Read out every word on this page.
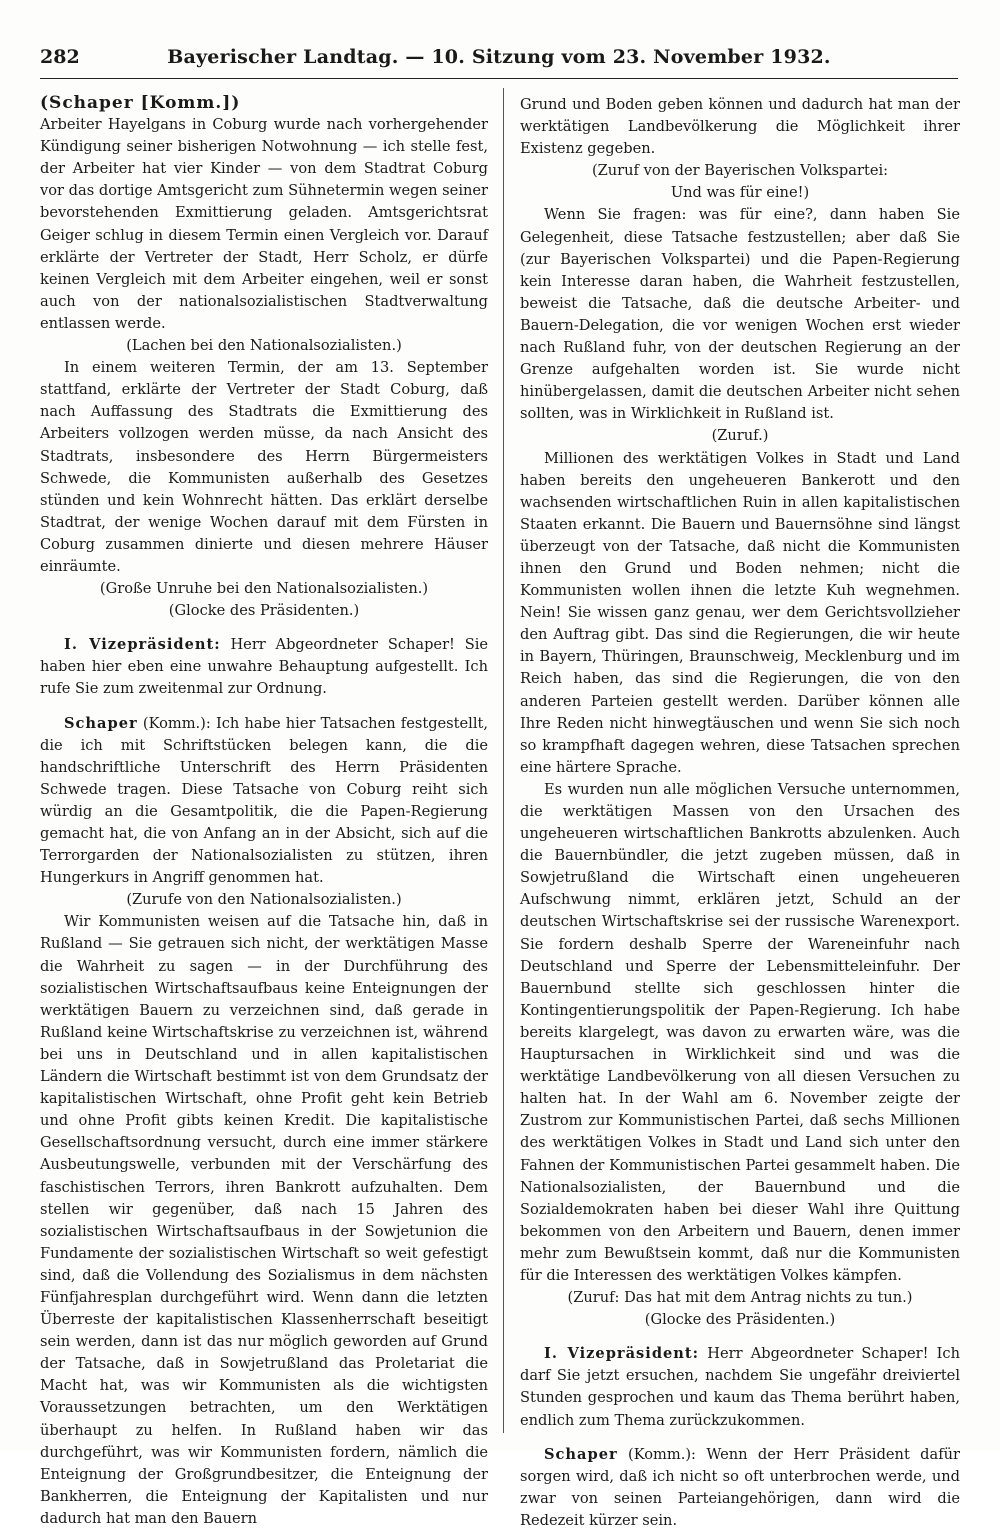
282	Bayerischer Landtag. — 10. Sitzung vom 23. November 1932.

(Schaper [Komm.])

Arbeiter Hayelgans in Coburg wurde nach vorhergehender Kündigung seiner bisherigen Notwohnung — ich stelle fest, der Arbeiter hat vier Kinder — von dem Stadtrat Coburg vor das dortige Amtsgericht zum Sühnetermin wegen seiner bevorstehenden Exmittierung geladen. Amtsgerichtsrat Geiger schlug in diesem Termin einen Vergleich vor. Darauf erklärte der Vertreter der Stadt, Herr Scholz, er dürfe keinen Vergleich mit dem Arbeiter eingehen, weil er sonst auch von der nationalsozialistischen Stadtverwaltung entlassen werde.

(Lachen bei den Nationalsozialisten.)

In einem weiteren Termin, der am 13. September stattfand, erklärte der Vertreter der Stadt Coburg, daß nach Auffassung des Stadtrats die Exmittierung des Arbeiters vollzogen werden müsse, da nach Ansicht des Stadtrats, insbesondere des Herrn Bürgermeisters Schwede, die Kommunisten außerhalb des Gesetzes stünden und kein Wohnrecht hätten. Das erklärt derselbe Stadtrat, der wenige Wochen darauf mit dem Fürsten in Coburg zusammen dinierte und diesen mehrere Häuser einräumte.

(Große Unruhe bei den Nationalsozialisten.)

(Glocke des Präsidenten.)

I. Vizepräsident: Herr Abgeordneter Schaper! Sie haben hier eben eine unwahre Behauptung aufgestellt. Ich rufe Sie zum zweitenmal zur Ordnung.

Schaper (Komm.): Ich habe hier Tatsachen festgestellt, die ich mit Schriftstücken belegen kann, die die handschriftliche Unterschrift des Herrn Präsidenten Schwede tragen. Diese Tatsache von Coburg reiht sich würdig an die Gesamtpolitik, die die Papen-Regierung gemacht hat, die von Anfang an in der Absicht, sich auf die Terrorgarden der Nationalsozialisten zu stützen, ihren Hungerkurs in Angriff genommen hat.

(Zurufe von den Nationalsozialisten.)

Wir Kommunisten weisen auf die Tatsache hin, daß in Rußland — Sie getrauen sich nicht, der werktätigen Masse die Wahrheit zu sagen — in der Durchführung des sozialistischen Wirtschaftsaufbaus keine Enteignungen der werktätigen Bauern zu verzeichnen sind, daß gerade in Rußland keine Wirtschaftskrise zu verzeichnen ist, während bei uns in Deutschland und in allen kapitalistischen Ländern die Wirtschaft bestimmt ist von dem Grundsatz der kapitalistischen Wirtschaft, ohne Profit geht kein Betrieb und ohne Profit gibts keinen Kredit. Die kapitalistische Gesellschaftsordnung versucht, durch eine immer stärkere Ausbeutungswelle, verbunden mit der Verschärfung des faschistischen Terrors, ihren Bankrott aufzuhalten. Dem stellen wir gegenüber, daß nach 15 Jahren des sozialistischen Wirtschaftsaufbaus in der Sowjetunion die Fundamente der sozialistischen Wirtschaft so weit gefestigt sind, daß die Vollendung des Sozialismus in dem nächsten Fünfjahresplan durchgeführt wird. Wenn dann die letzten Überreste der kapitalistischen Klassenherrschaft beseitigt sein werden, dann ist das nur möglich geworden auf Grund der Tatsache, daß in Sowjetrußland das Proletariat die Macht hat, was wir Kommunisten als die wichtigsten Voraussetzungen betrachten, um den Werktätigen überhaupt zu helfen. In Rußland haben wir das durchgeführt, was wir Kommunisten fordern, nämlich die Enteignung der Großgrundbesitzer, die Enteignung der Bankherren, die Enteignung der Kapitalisten und nur dadurch hat man den Bauern

Grund und Boden geben können und dadurch hat man der werktätigen Landbevölkerung die Möglichkeit ihrer Existenz gegeben.

(Zuruf von der Bayerischen Volkspartei:

Und was für eine!)

Wenn Sie fragen: was für eine?, dann haben Sie Gelegenheit, diese Tatsache festzustellen; aber daß Sie (zur Bayerischen Volkspartei) und die Papen-Regierung kein Interesse daran haben, die Wahrheit festzustellen, beweist die Tatsache, daß die deutsche Arbeiter- und Bauern-Delegation, die vor wenigen Wochen erst wieder nach Rußland fuhr, von der deutschen Regierung an der Grenze aufgehalten worden ist. Sie wurde nicht hinübergelassen, damit die deutschen Arbeiter nicht sehen sollten, was in Wirklichkeit in Rußland ist.

(Zuruf.)

Millionen des werktätigen Volkes in Stadt und Land haben bereits den ungeheueren Bankerott und den wachsenden wirtschaftlichen Ruin in allen kapitalistischen Staaten erkannt. Die Bauern und Bauernsöhne sind längst überzeugt von der Tatsache, daß nicht die Kommunisten ihnen den Grund und Boden nehmen; nicht die Kommunisten wollen ihnen die letzte Kuh wegnehmen. Nein! Sie wissen ganz genau, wer dem Gerichtsvollzieher den Auftrag gibt. Das sind die Regierungen, die wir heute in Bayern, Thüringen, Braunschweig, Mecklenburg und im Reich haben, das sind die Regierungen, die von den anderen Parteien gestellt werden. Darüber können alle Ihre Reden nicht hinwegtäuschen und wenn Sie sich noch so krampfhaft dagegen wehren, diese Tatsachen sprechen eine härtere Sprache.

Es wurden nun alle möglichen Versuche unternommen, die werktätigen Massen von den Ursachen des ungeheueren wirtschaftlichen Bankrotts abzulenken. Auch die Bauernbündler, die jetzt zugeben müssen, daß in Sowjetrußland die Wirtschaft einen ungeheueren Aufschwung nimmt, erklären jetzt, Schuld an der deutschen Wirtschaftskrise sei der russische Warenexport. Sie fordern deshalb Sperre der Wareneinfuhr nach Deutschland und Sperre der Lebensmitteleinfuhr. Der Bauernbund stellte sich geschlossen hinter die Kontingentierungspolitik der Papen-Regierung. Ich habe bereits klargelegt, was davon zu erwarten wäre, was die Hauptursachen in Wirklichkeit sind und was die werktätige Landbevölkerung von all diesen Versuchen zu halten hat. In der Wahl am 6. November zeigte der Zustrom zur Kommunistischen Partei, daß sechs Millionen des werktätigen Volkes in Stadt und Land sich unter den Fahnen der Kommunistischen Partei gesammelt haben. Die Nationalsozialisten, der Bauernbund und die Sozialdemokraten haben bei dieser Wahl ihre Quittung bekommen von den Arbeitern und Bauern, denen immer mehr zum Bewußtsein kommt, daß nur die Kommunisten für die Interessen des werktätigen Volkes kämpfen.

(Zuruf: Das hat mit dem Antrag nichts zu tun.)

(Glocke des Präsidenten.)

I. Vizepräsident: Herr Abgeordneter Schaper! Ich darf Sie jetzt ersuchen, nachdem Sie ungefähr dreiviertel Stunden gesprochen und kaum das Thema berührt haben, endlich zum Thema zurückzukommen.

Schaper (Komm.): Wenn der Herr Präsident dafür sorgen wird, daß ich nicht so oft unterbrochen werde, und zwar von seinen Parteiangehörigen, dann wird die Redezeit kürzer sein.
